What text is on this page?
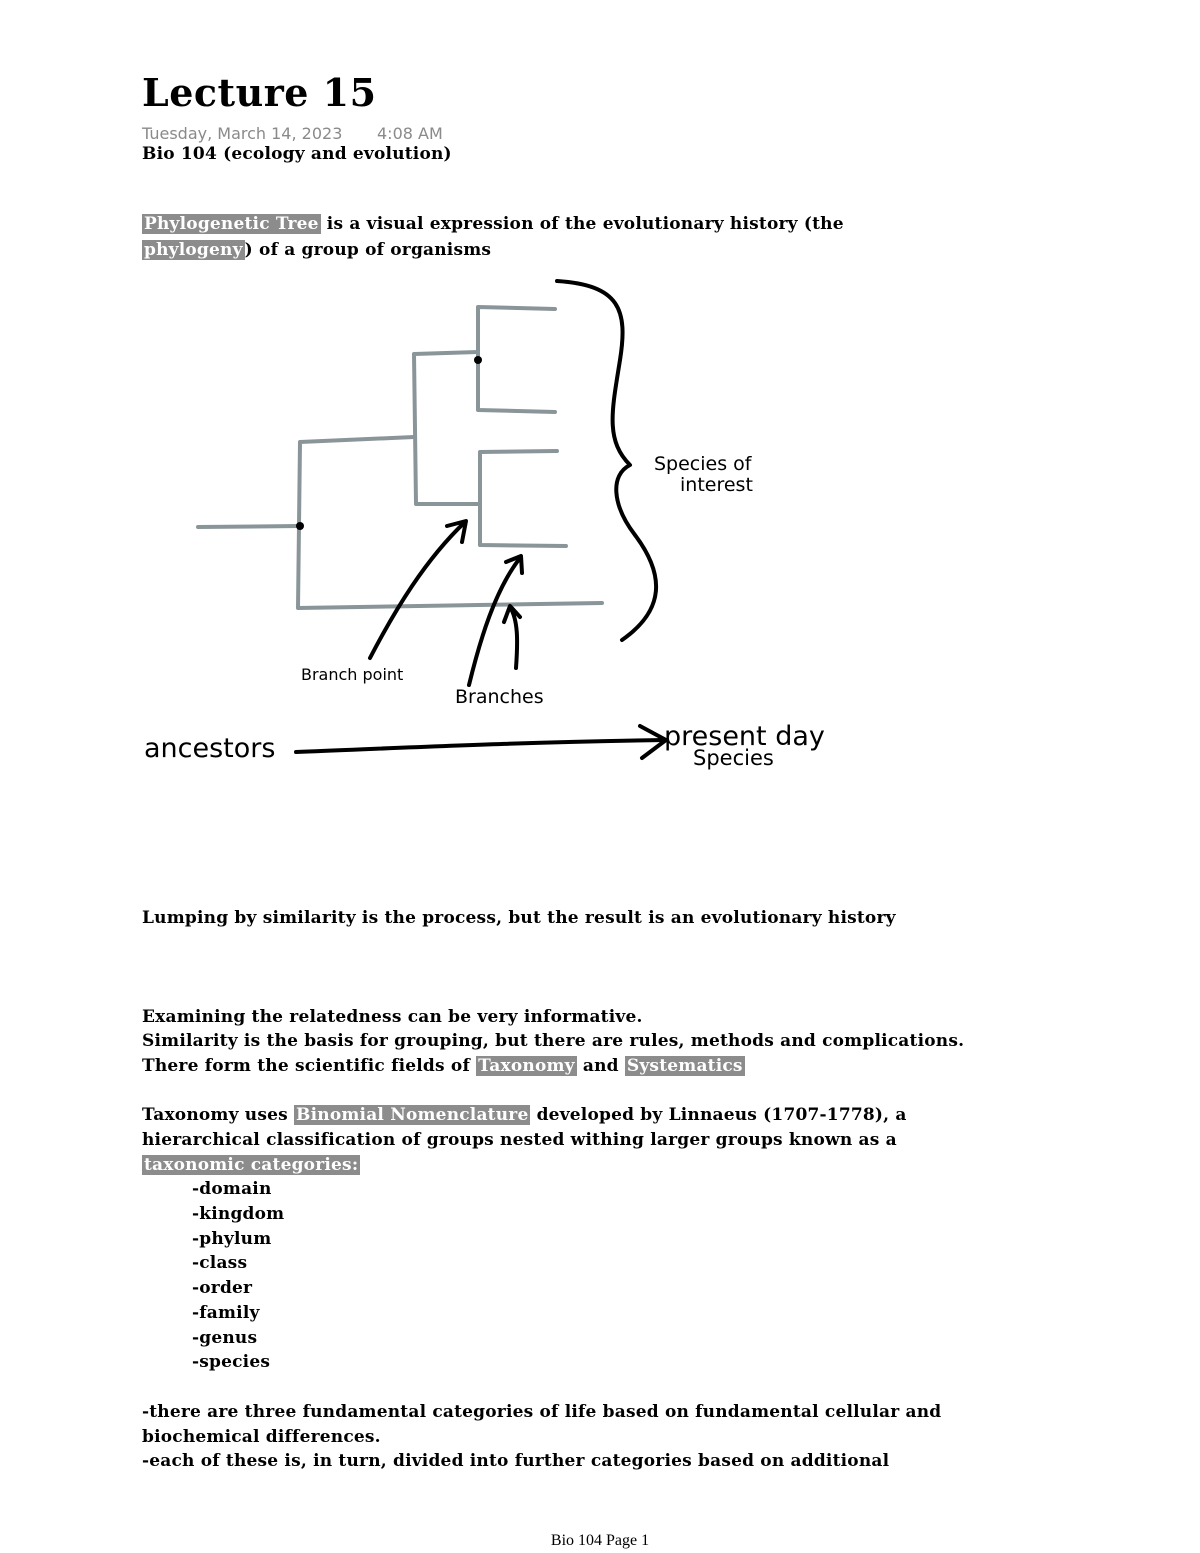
Lecture 15
Tuesday, March 14, 2023 4:08 AM
Bio 104 (ecology and evolution)
Phylogenetic Tree is a visual expression of the evolutionary history (the
phylogeny ) of a group of organisms
Species of
interest
Branch point
Branches
ancestors	present day
Species
Lumping by similarity is the process, but the result is an evolutionary history
Examining the relatedness can be very informative.
Similarity is the basis for grouping, but there are rules, methods and complications.
There form the scientific fields of Taxonomy and Systematics
Taxonomy uses Binomial Nomenclature developed by Linnaeus (1707-1778), a
hierarchical classification of groups nested withing larger groups known as a
taxonomic categories:
-domain
-kingdom
-phylum
-class
-order
-family
-genus
-species
-there are three fundamental categories of life based on fundamental cellular and
biochemical differences.
-each of these is, in turn, divided into further categories based on additional
Bio 104 Page 1
